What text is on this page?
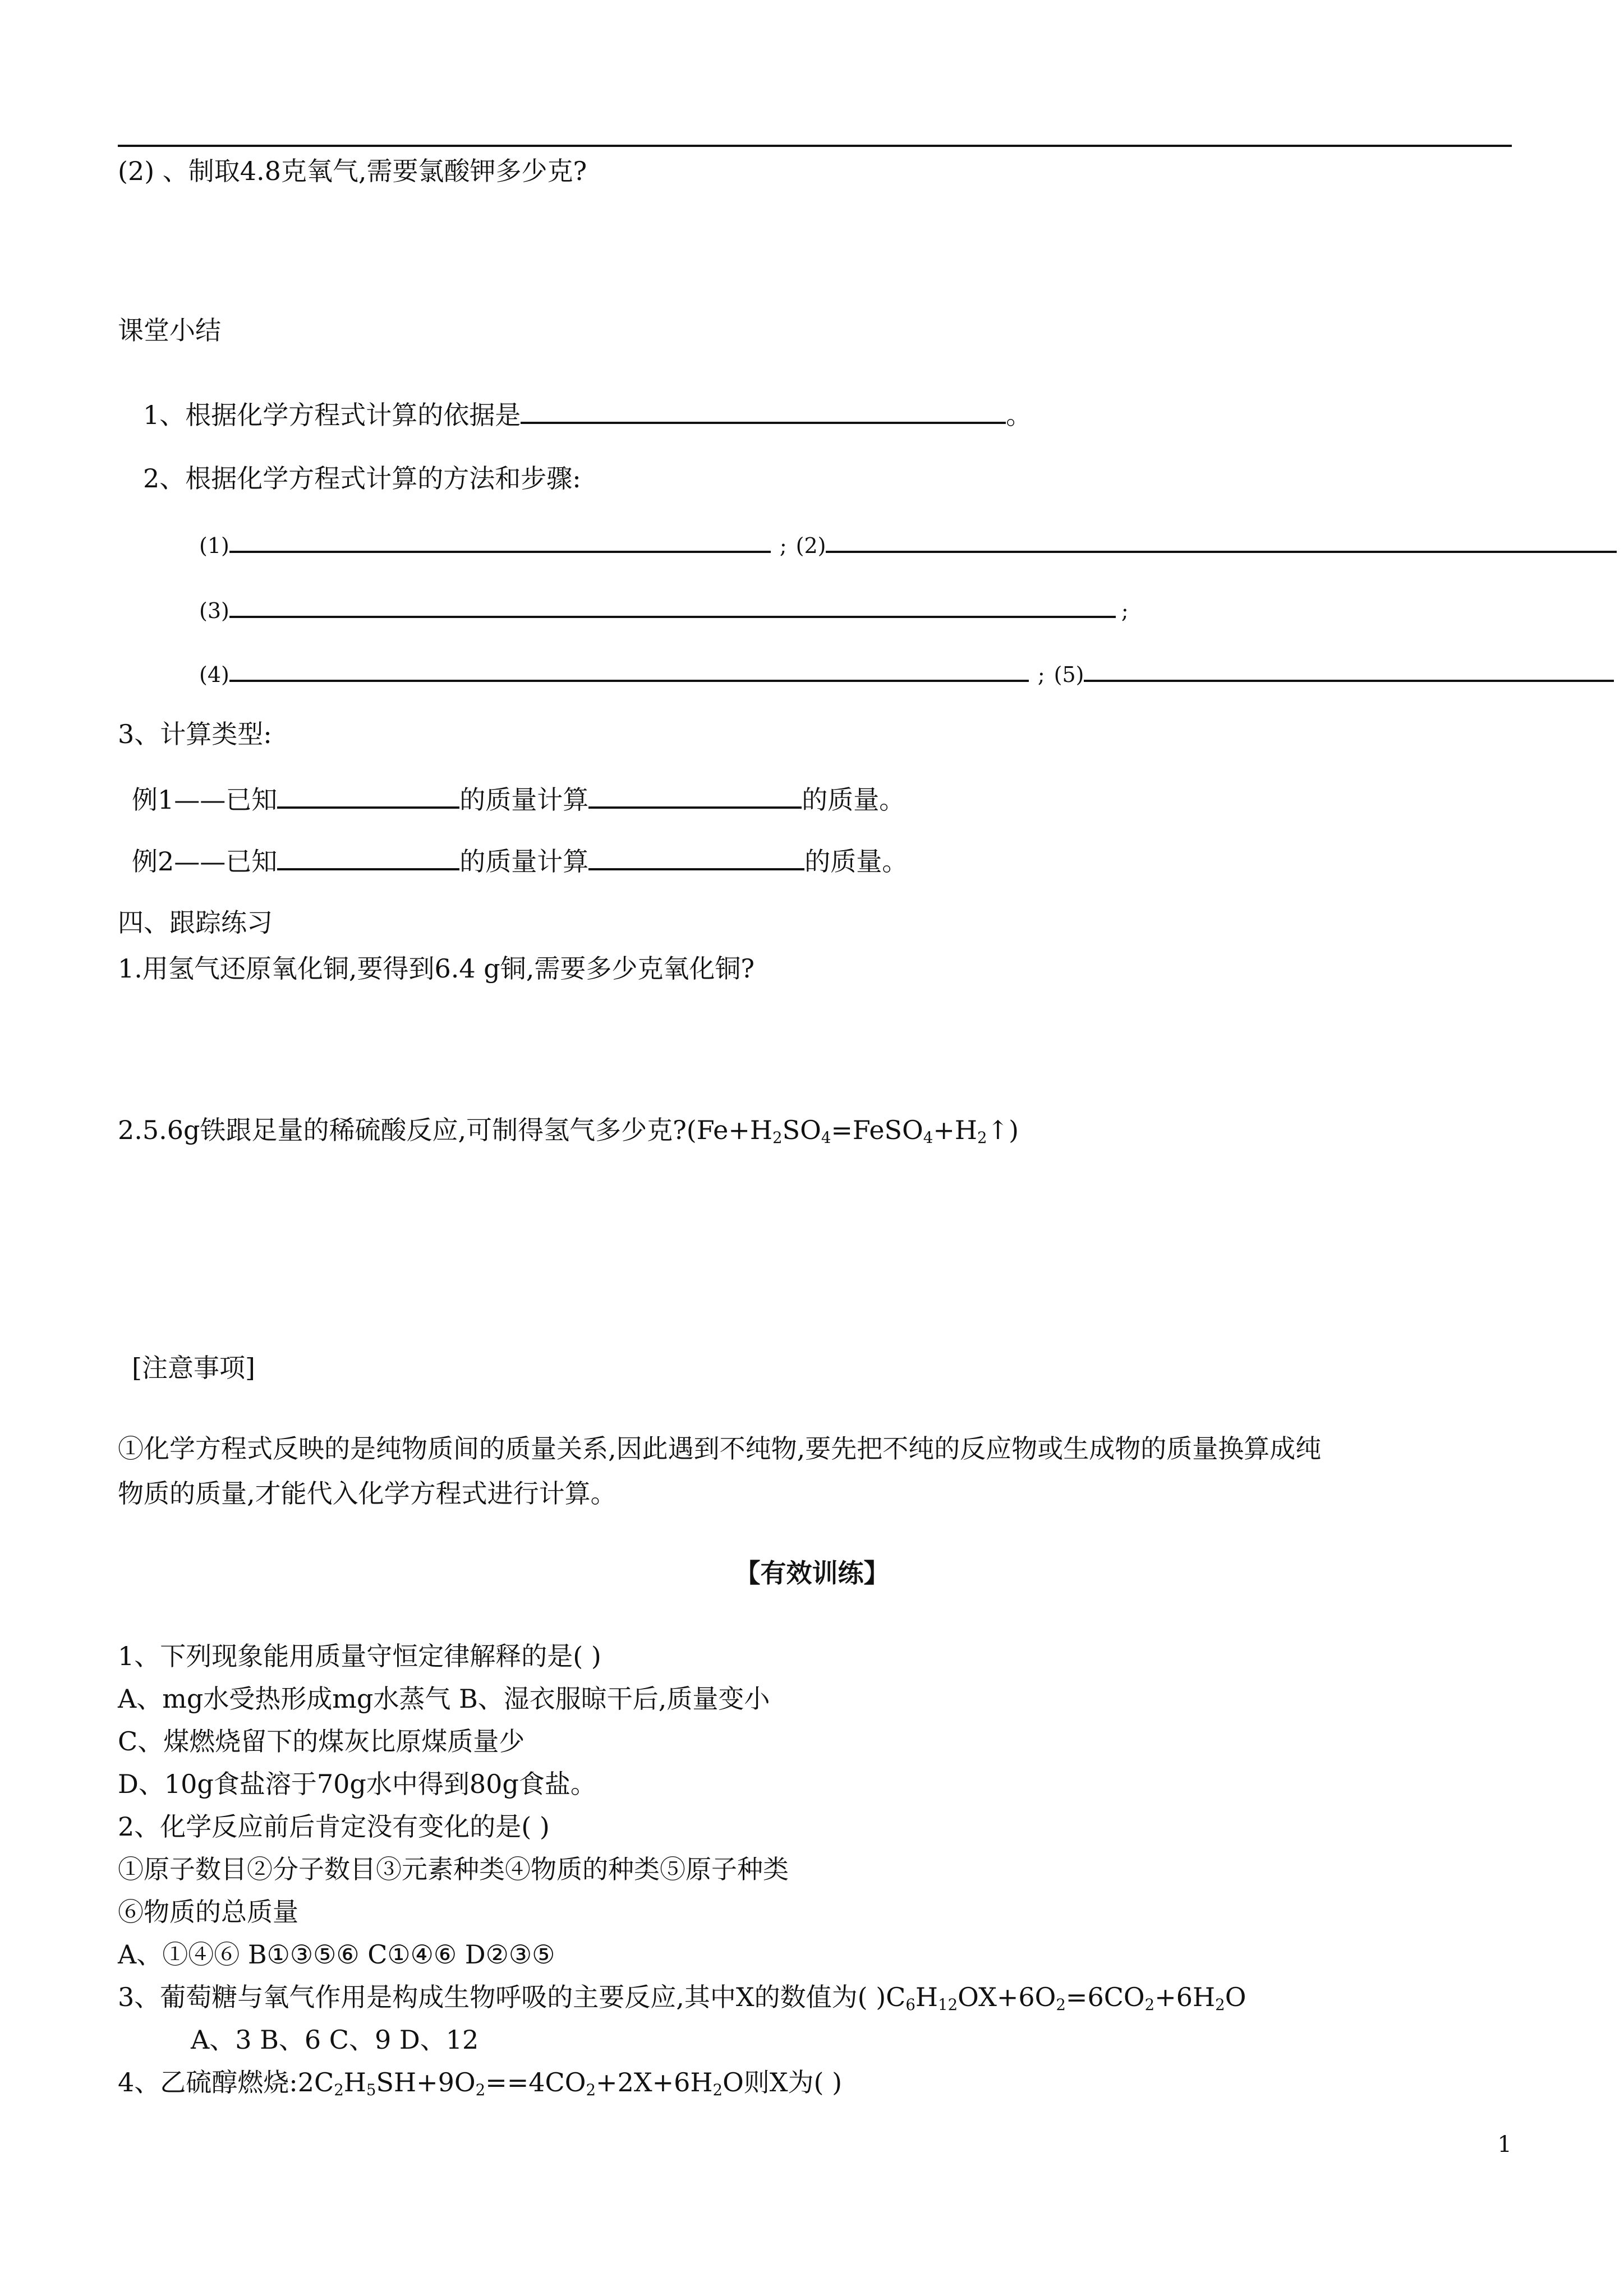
(2) 、制取4.8克氧气,需要氯酸钾多少克?
课堂小结
1、根据化学方程式计算的依据是	。
2、根据化学方程式计算的方法和步骤:
(1)	; (2)
(3)	;
(4)	; (5)
3、计算类型:
例1——已知	的质量计算	的质量。
例2——已知	的质量计算	的质量。
四、跟踪练习
1.用氢气还原氧化铜,要得到6.4 g铜,需要多少克氧化铜?
2.5.6g铁跟足量的稀硫酸反应,可制得氢气多少克$?(Fe+H_2SO_4=FeSO_4+H_2↑)$
[注意事项]
①化学方程式反映的是纯物质间的质量关系,因此遇到不纯物,要先把不纯的反应物或生成物的质量换算成纯
物质的质量,才能代入化学方程式进行计算。
【有效训练】
1、下列现象能用质量守恒定律解释的是( )
A、mg水受热形成mg水蒸气 B、湿衣服晾干后,质量变小
C、煤燃烧留下的煤灰比原煤质量少
D、10g食盐溶于70g水中得到80g食盐。
2、化学反应前后肯定没有变化的是( )
①原子数目②分子数目③元素种类④物质的种类⑤原子种类
⑥物质的总质量
A、①④⑥ B①③⑤⑥ C①④⑥ D②③⑤
3、葡萄糖与氧气作用是构成生物呼吸的主要反应,其中X的数值为( )$C_6H_{12}OX+6O_2=6CO_2+6H_2O$
A、3 B、6 C、9 D、12
4、乙硫醇燃烧$:2C_2H_5SH+9O_2==4CO_2+2X+6H_2O$则X为( )
1
